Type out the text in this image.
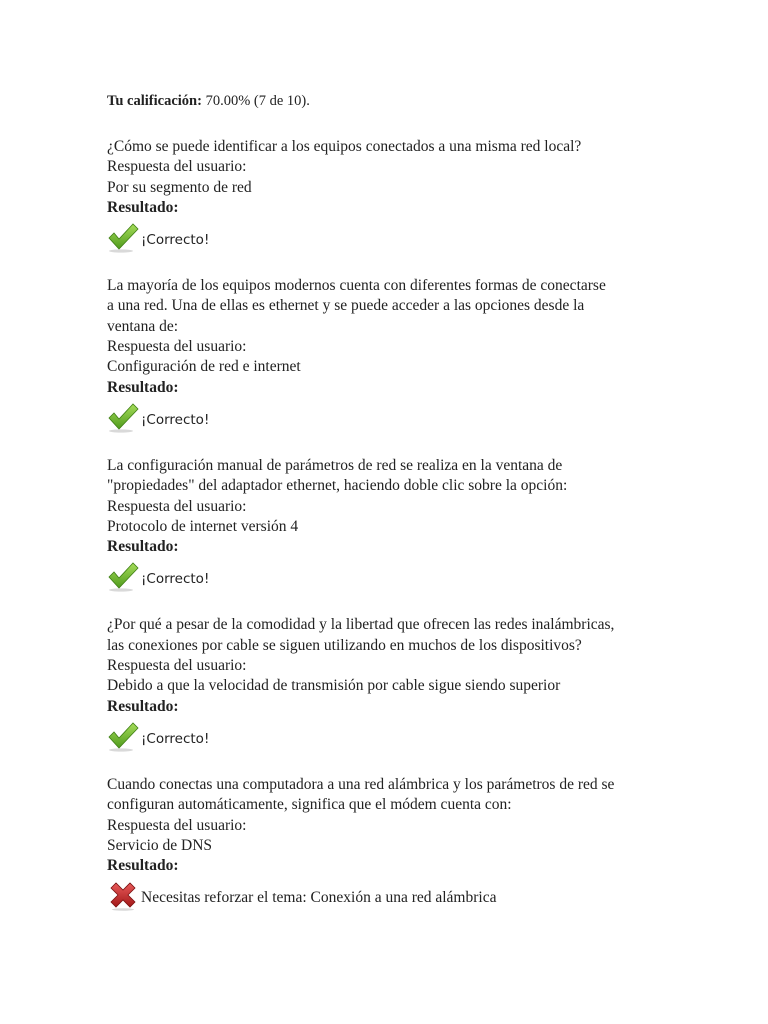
Tu calificación: 70.00% (7 de 10).
¿Cómo se puede identificar a los equipos conectados a una misma red local?
Respuesta del usuario:
Por su segmento de red
Resultado:
¡Correcto!
La mayoría de los equipos modernos cuenta con diferentes formas de conectarse
a una red. Una de ellas es ethernet y se puede acceder a las opciones desde la
ventana de:
Respuesta del usuario:
Configuración de red e internet
Resultado:
¡Correcto!
La configuración manual de parámetros de red se realiza en la ventana de
"propiedades" del adaptador ethernet, haciendo doble clic sobre la opción:
Respuesta del usuario:
Protocolo de internet versión 4
Resultado:
¡Correcto!
¿Por qué a pesar de la comodidad y la libertad que ofrecen las redes inalámbricas,
las conexiones por cable se siguen utilizando en muchos de los dispositivos?
Respuesta del usuario:
Debido a que la velocidad de transmisión por cable sigue siendo superior
Resultado:
¡Correcto!
Cuando conectas una computadora a una red alámbrica y los parámetros de red se
configuran automáticamente, significa que el módem cuenta con:
Respuesta del usuario:
Servicio de DNS
Resultado:
Necesitas reforzar el tema: Conexión a una red alámbrica
